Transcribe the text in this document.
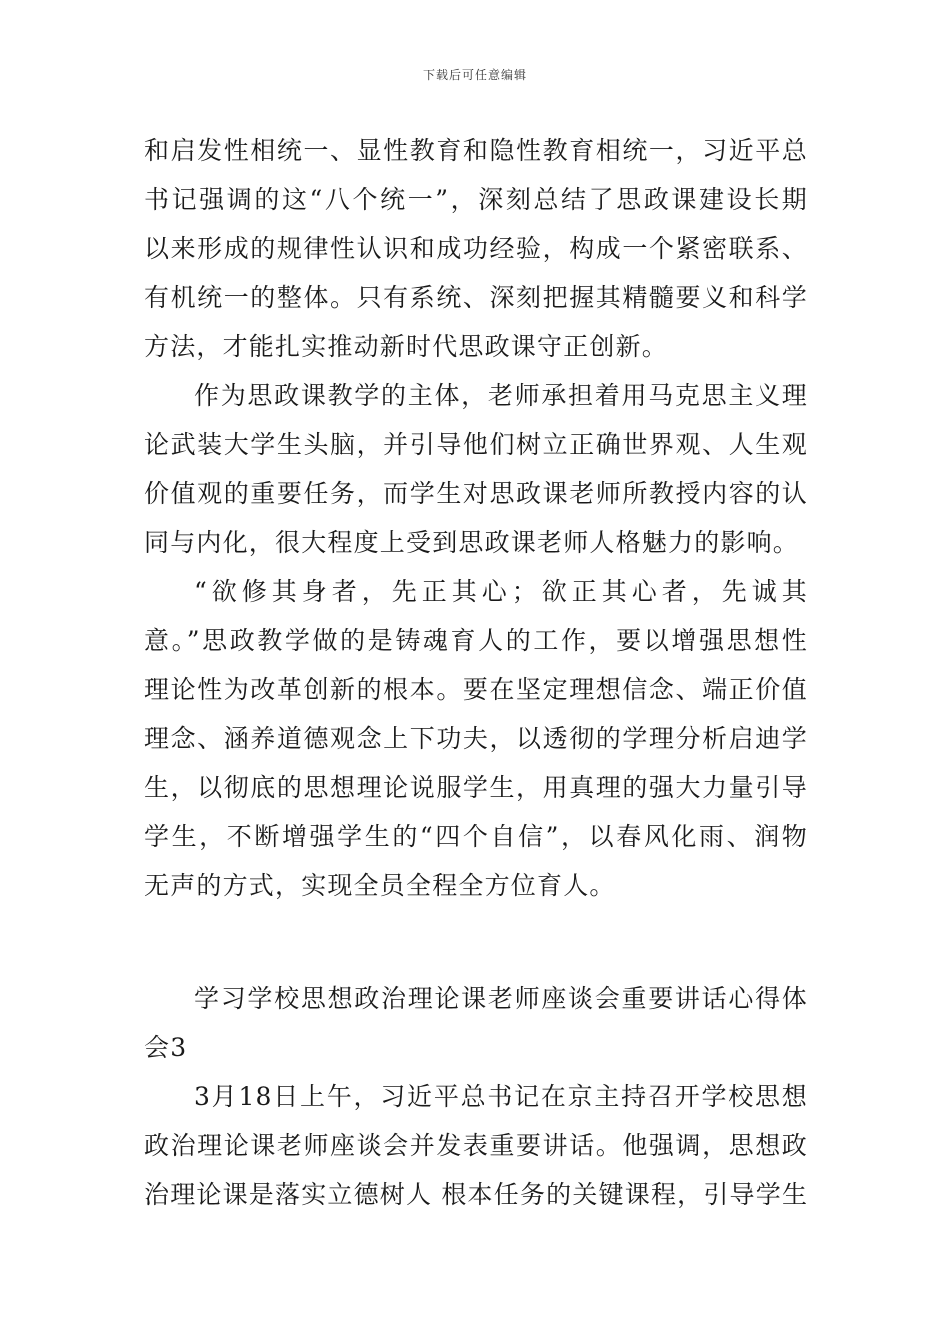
下载后可任意编辑
和启发性相统一、显性教育和隐性教育相统一，习近平总
书记强调的这“八个统一”，深刻总结了思政课建设长期
以来形成的规律性认识和成功经验，构成一个紧密联系、
有机统一的整体。只有系统、深刻把握其精髓要义和科学
方法，才能扎实推动新时代思政课守正创新。
作为思政课教学的主体，老师承担着用马克思主义理
论武装大学生头脑，并引导他们树立正确世界观、人生观
价值观的重要任务，而学生对思政课老师所教授内容的认
同与内化，很大程度上受到思政课老师人格魅力的影响。
“欲修其身者，先正其心；欲正其心者，先诚其
意。”思政教学做的是铸魂育人的工作，要以增强思想性
理论性为改革创新的根本。要在坚定理想信念、端正价值
理念、涵养道德观念上下功夫，以透彻的学理分析启迪学
生，以彻底的思想理论说服学生，用真理的强大力量引导
学生，不断增强学生的“四个自信”，以春风化雨、润物
无声的方式，实现全员全程全方位育人。
学习学校思想政治理论课老师座谈会重要讲话心得体
会3
3月18日上午，习近平总书记在京主持召开学校思想
政治理论课老师座谈会并发表重要讲话。他强调，思想政
治理论课是落实立德树人 根本任务的关键课程，引导学生
